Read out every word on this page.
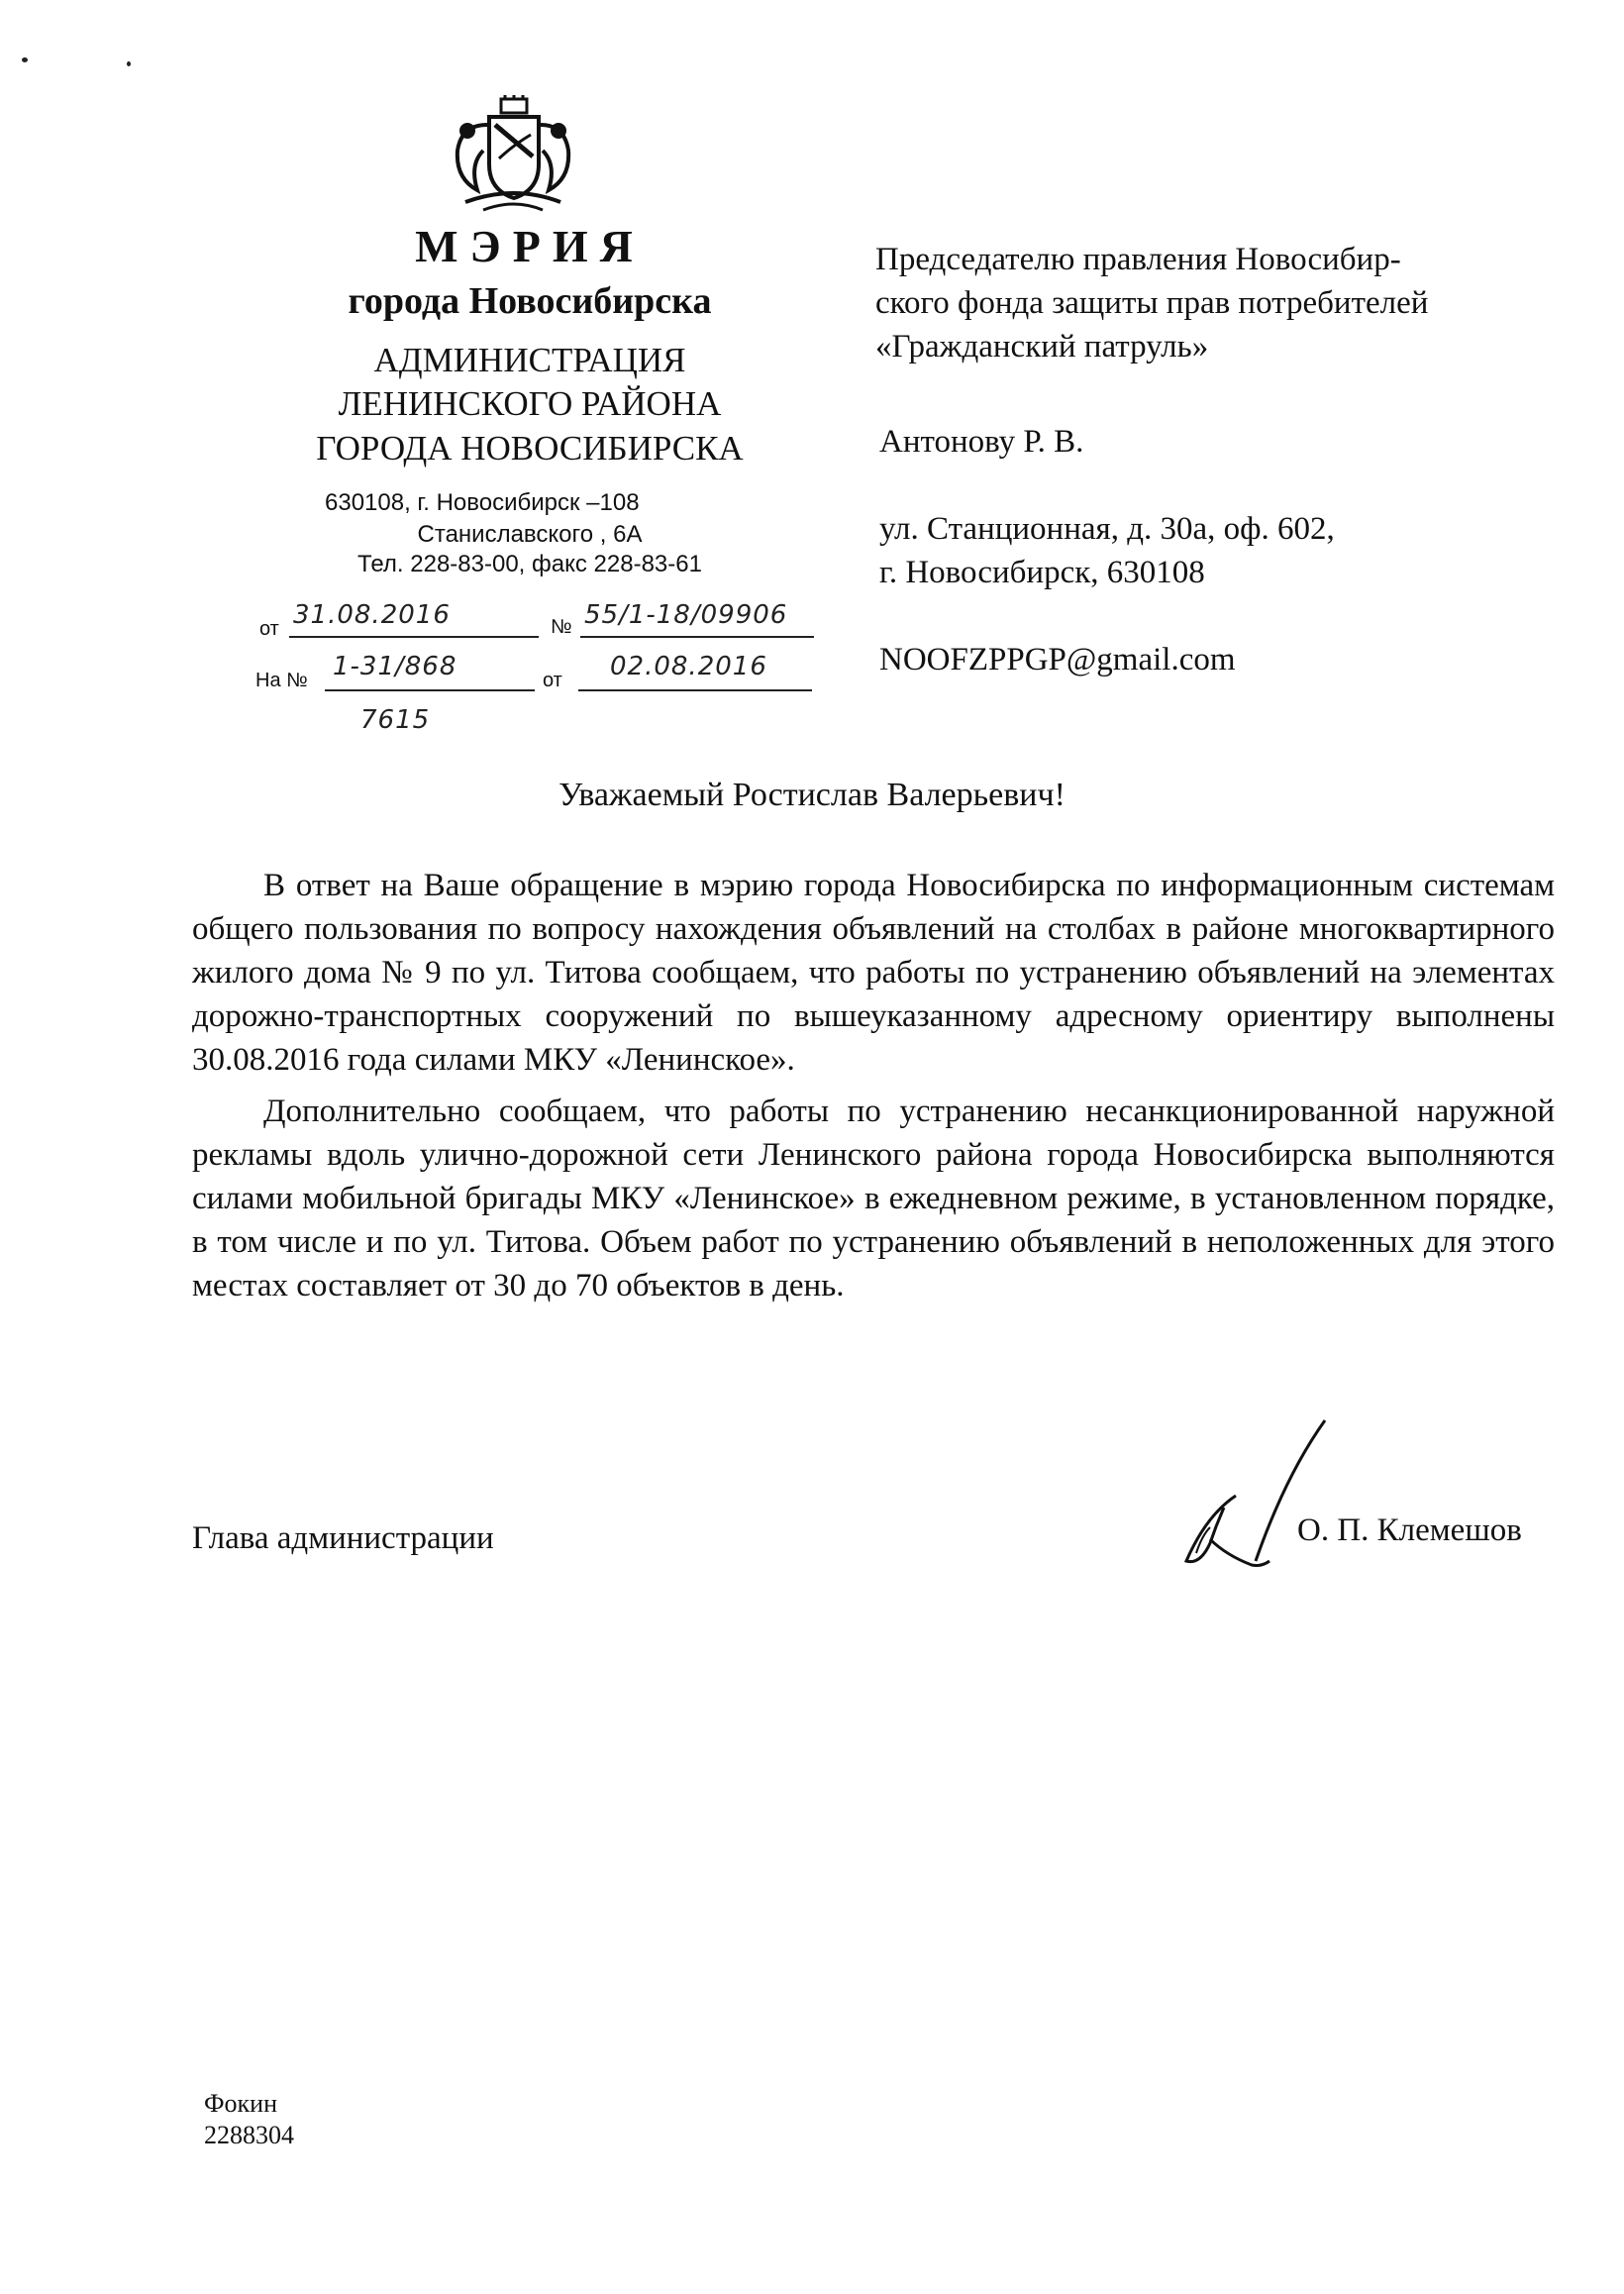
МЭРИЯ
города Новосибирска
АДМИНИСТРАЦИЯ
ЛЕНИНСКОГО РАЙОНА
ГОРОДА НОВОСИБИРСКА
630108, г. Новосибирск –108
Станиславского , 6А
Тел. 228-83-00, факс 228-83-61
от 31.08.2016	№ 55/1-18/09906
На № 1-31/868	от 02.08.2016
7615
Председателю правления Новосибир-
ского фонда защиты прав потребителей
«Гражданский патруль»
Антонову Р. В.
ул. Станционная, д. 30а, оф. 602,
г. Новосибирск, 630108
NOOFZPPGP@gmail.com
Уважаемый Ростислав Валерьевич!

В ответ на Ваше обращение в мэрию города Новосибирска по информационным системам общего пользования по вопросу нахождения объявлений на столбах в районе многоквартирного жилого дома № 9 по ул. Титова сообщаем, что работы по устранению объявлений на элементах дорожно-транспортных сооружений по вышеуказанному адресному ориентиру выполнены 30.08.2016 года силами МКУ «Ленинское».

Дополнительно сообщаем, что работы по устранению несанкционированной наружной рекламы вдоль улично-дорожной сети Ленинского района города Новосибирска выполняются силами мобильной бригады МКУ «Ленинское» в ежедневном режиме, в установленном порядке, в том числе и по ул. Титова. Объем работ по устранению объявлений в неположенных для этого местах составляет от 30 до 70 объектов в день.

Глава администрации	О. П. Клемешов
Фокин
2288304
